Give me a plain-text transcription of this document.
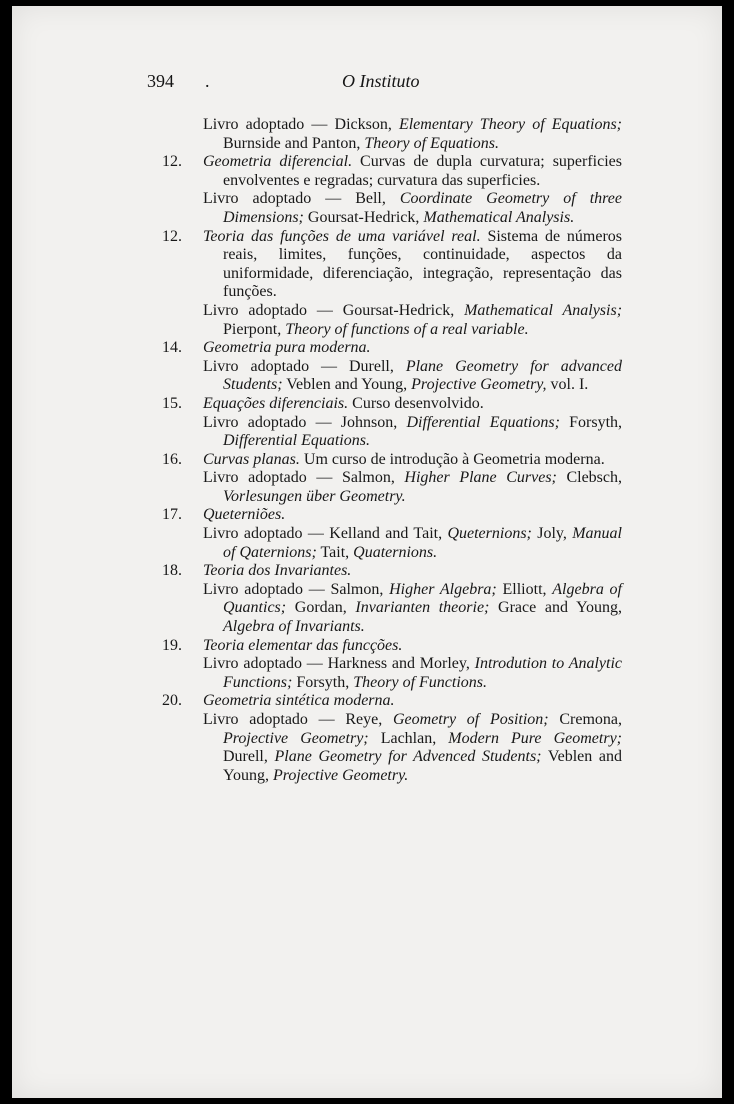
394 .	O Instituto

Livro adoptado — Dickson, Elementary Theory of Equations; Burnside and Panton, Theory of Equations.

12. Geometria diferencial. Curvas de dupla curvatura; superficies envolventes e regradas; curvatura das superficies.

Livro adoptado — Bell, Coordinate Geometry of three Dimensions; Goursat-Hedrick, Mathematical Analysis.

12. Teoria das funções de uma variável real. Sistema de números reais, limites, funções, continuidade, aspectos da uniformidade, diferenciação, integração, representação das funções.

Livro adoptado — Goursat-Hedrick, Mathematical Analysis; Pierpont, Theory of functions of a real variable.

14. Geometria pura moderna.

Livro adoptado — Durell, Plane Geometry for advanced Students; Veblen and Young, Projective Geometry, vol. I.

15. Equações diferenciais. Curso desenvolvido.

Livro adoptado — Johnson, Differential Equations; Forsyth, Differential Equations.

16. Curvas planas. Um curso de introdução à Geometria moderna.

Livro adoptado — Salmon, Higher Plane Curves; Clebsch, Vorlesungen über Geometry.

17. Queterniões.

Livro adoptado — Kelland and Tait, Queternions; Joly, Manual of Qaternions; Tait, Quaternions.

18. Teoria dos Invariantes.

Livro adoptado — Salmon, Higher Algebra; Elliott, Algebra of Quantics; Gordan, Invarianten theorie; Grace and Young, Algebra of Invariants.

19. Teoria elementar das funcções.

Livro adoptado — Harkness and Morley, Introdution to Analytic Functions; Forsyth, Theory of Functions.

20. Geometria sintética moderna.

Livro adoptado — Reye, Geometry of Position; Cremona, Projective Geometry; Lachlan, Modern Pure Geometry; Durell, Plane Geometry for Advenced Students; Veblen and Young, Projective Geometry.
